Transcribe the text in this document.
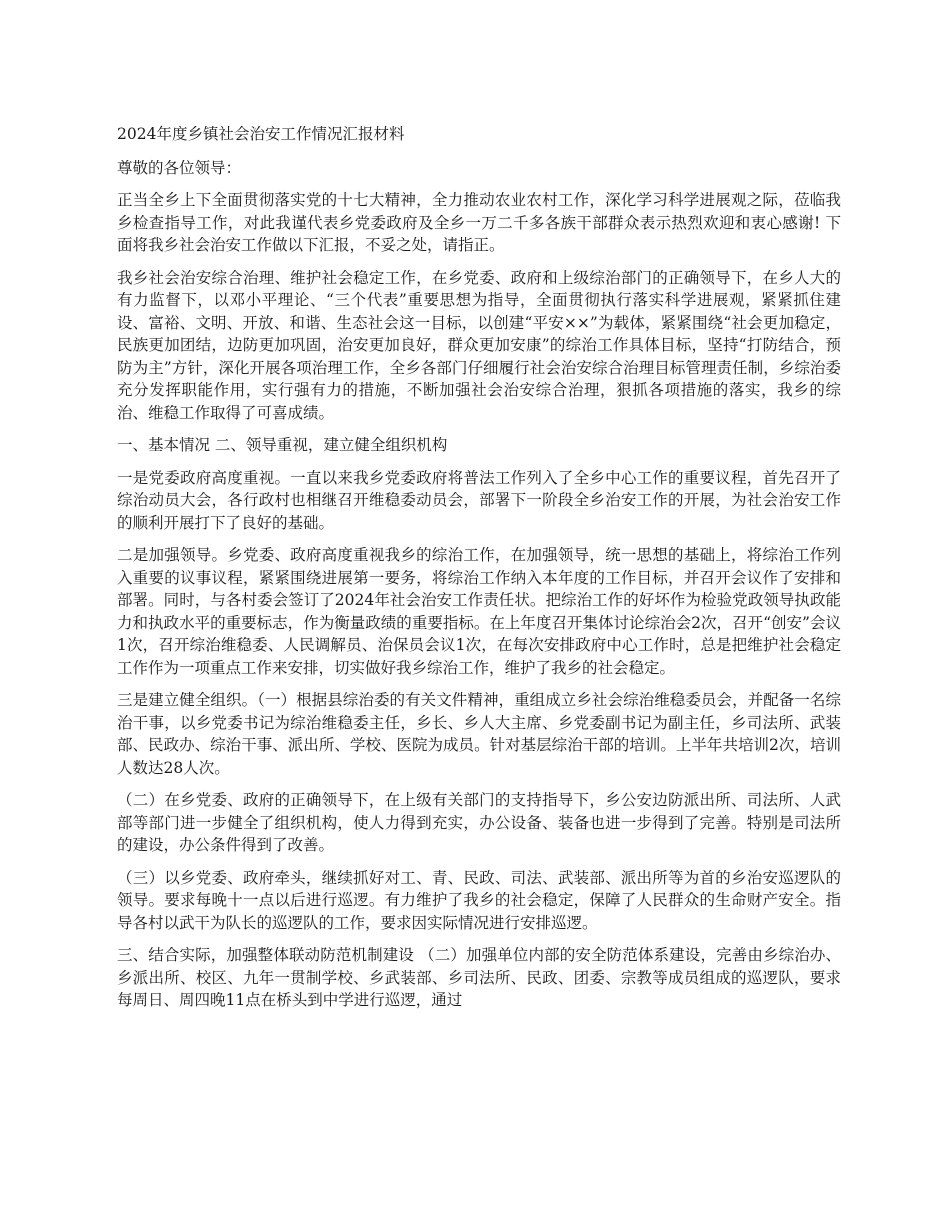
2024年度乡镇社会治安工作情况汇报材料

尊敬的各位领导：

正当全乡上下全面贯彻落实党的十七大精神，全力推动农业农村工作，深化学习科学进展观之际，莅临我乡检查指导工作，对此我谨代表乡党委政府及全乡一万二千多各族干部群众表示热烈欢迎和衷心感谢! 下面将我乡社会治安工作做以下汇报，不妥之处，请指正。

我乡社会治安综合治理、维护社会稳定工作，在乡党委、政府和上级综治部门的正确领导下，在乡人大的有力监督下，以邓小平理论、“三个代表”重要思想为指导，全面贯彻执行落实科学进展观，紧紧抓住建设、富裕、文明、开放、和谐、生态社会这一目标，以创建“平安××”为载体，紧紧围绕“社会更加稳定，民族更加团结，边防更加巩固，治安更加良好，群众更加安康”的综治工作具体目标，坚持“打防结合，预防为主”方针，深化开展各项治理工作，全乡各部门仔细履行社会治安综合治理目标管理责任制，乡综治委充分发挥职能作用，实行强有力的措施，不断加强社会治安综合治理，狠抓各项措施的落实，我乡的综治、维稳工作取得了可喜成绩。

一、基本情况 二、领导重视，建立健全组织机构

一是党委政府高度重视。一直以来我乡党委政府将普法工作列入了全乡中心工作的重要议程，首先召开了综治动员大会，各行政村也相继召开维稳委动员会，部署下一阶段全乡治安工作的开展，为社会治安工作的顺利开展打下了良好的基础。

二是加强领导。乡党委、政府高度重视我乡的综治工作，在加强领导，统一思想的基础上，将综治工作列入重要的议事议程，紧紧围绕进展第一要务，将综治工作纳入本年度的工作目标，并召开会议作了安排和部署。同时，与各村委会签订了2024年社会治安工作责任状。把综治工作的好坏作为检验党政领导执政能力和执政水平的重要标志，作为衡量政绩的重要指标。在上年度召开集体讨论综治会2次，召开“创安”会议1次，召开综治维稳委、人民调解员、治保员会议1次，在每次安排政府中心工作时，总是把维护社会稳定工作作为一项重点工作来安排，切实做好我乡综治工作，维护了我乡的社会稳定。

三是建立健全组织。（一）根据县综治委的有关文件精神，重组成立乡社会综治维稳委员会，并配备一名综治干事，以乡党委书记为综治维稳委主任，乡长、乡人大主席、乡党委副书记为副主任，乡司法所、武装部、民政办、综治干事、派出所、学校、医院为成员。针对基层综治干部的培训。上半年共培训2次，培训人数达28人次。

（二）在乡党委、政府的正确领导下，在上级有关部门的支持指导下，乡公安边防派出所、司法所、人武部等部门进一步健全了组织机构，使人力得到充实，办公设备、装备也进一步得到了完善。特别是司法所的建设，办公条件得到了改善。

（三）以乡党委、政府牵头，继续抓好对工、青、民政、司法、武装部、派出所等为首的乡治安巡逻队的领导。要求每晚十一点以后进行巡逻。有力维护了我乡的社会稳定，保障了人民群众的生命财产安全。指导各村以武干为队长的巡逻队的工作，要求因实际情况进行安排巡逻。

三、结合实际，加强整体联动防范机制建设 （二）加强单位内部的安全防范体系建设，完善由乡综治办、乡派出所、校区、九年一贯制学校、乡武装部、乡司法所、民政、团委、宗教等成员组成的巡逻队，要求每周日、周四晚11点在桥头到中学进行巡逻，通过
